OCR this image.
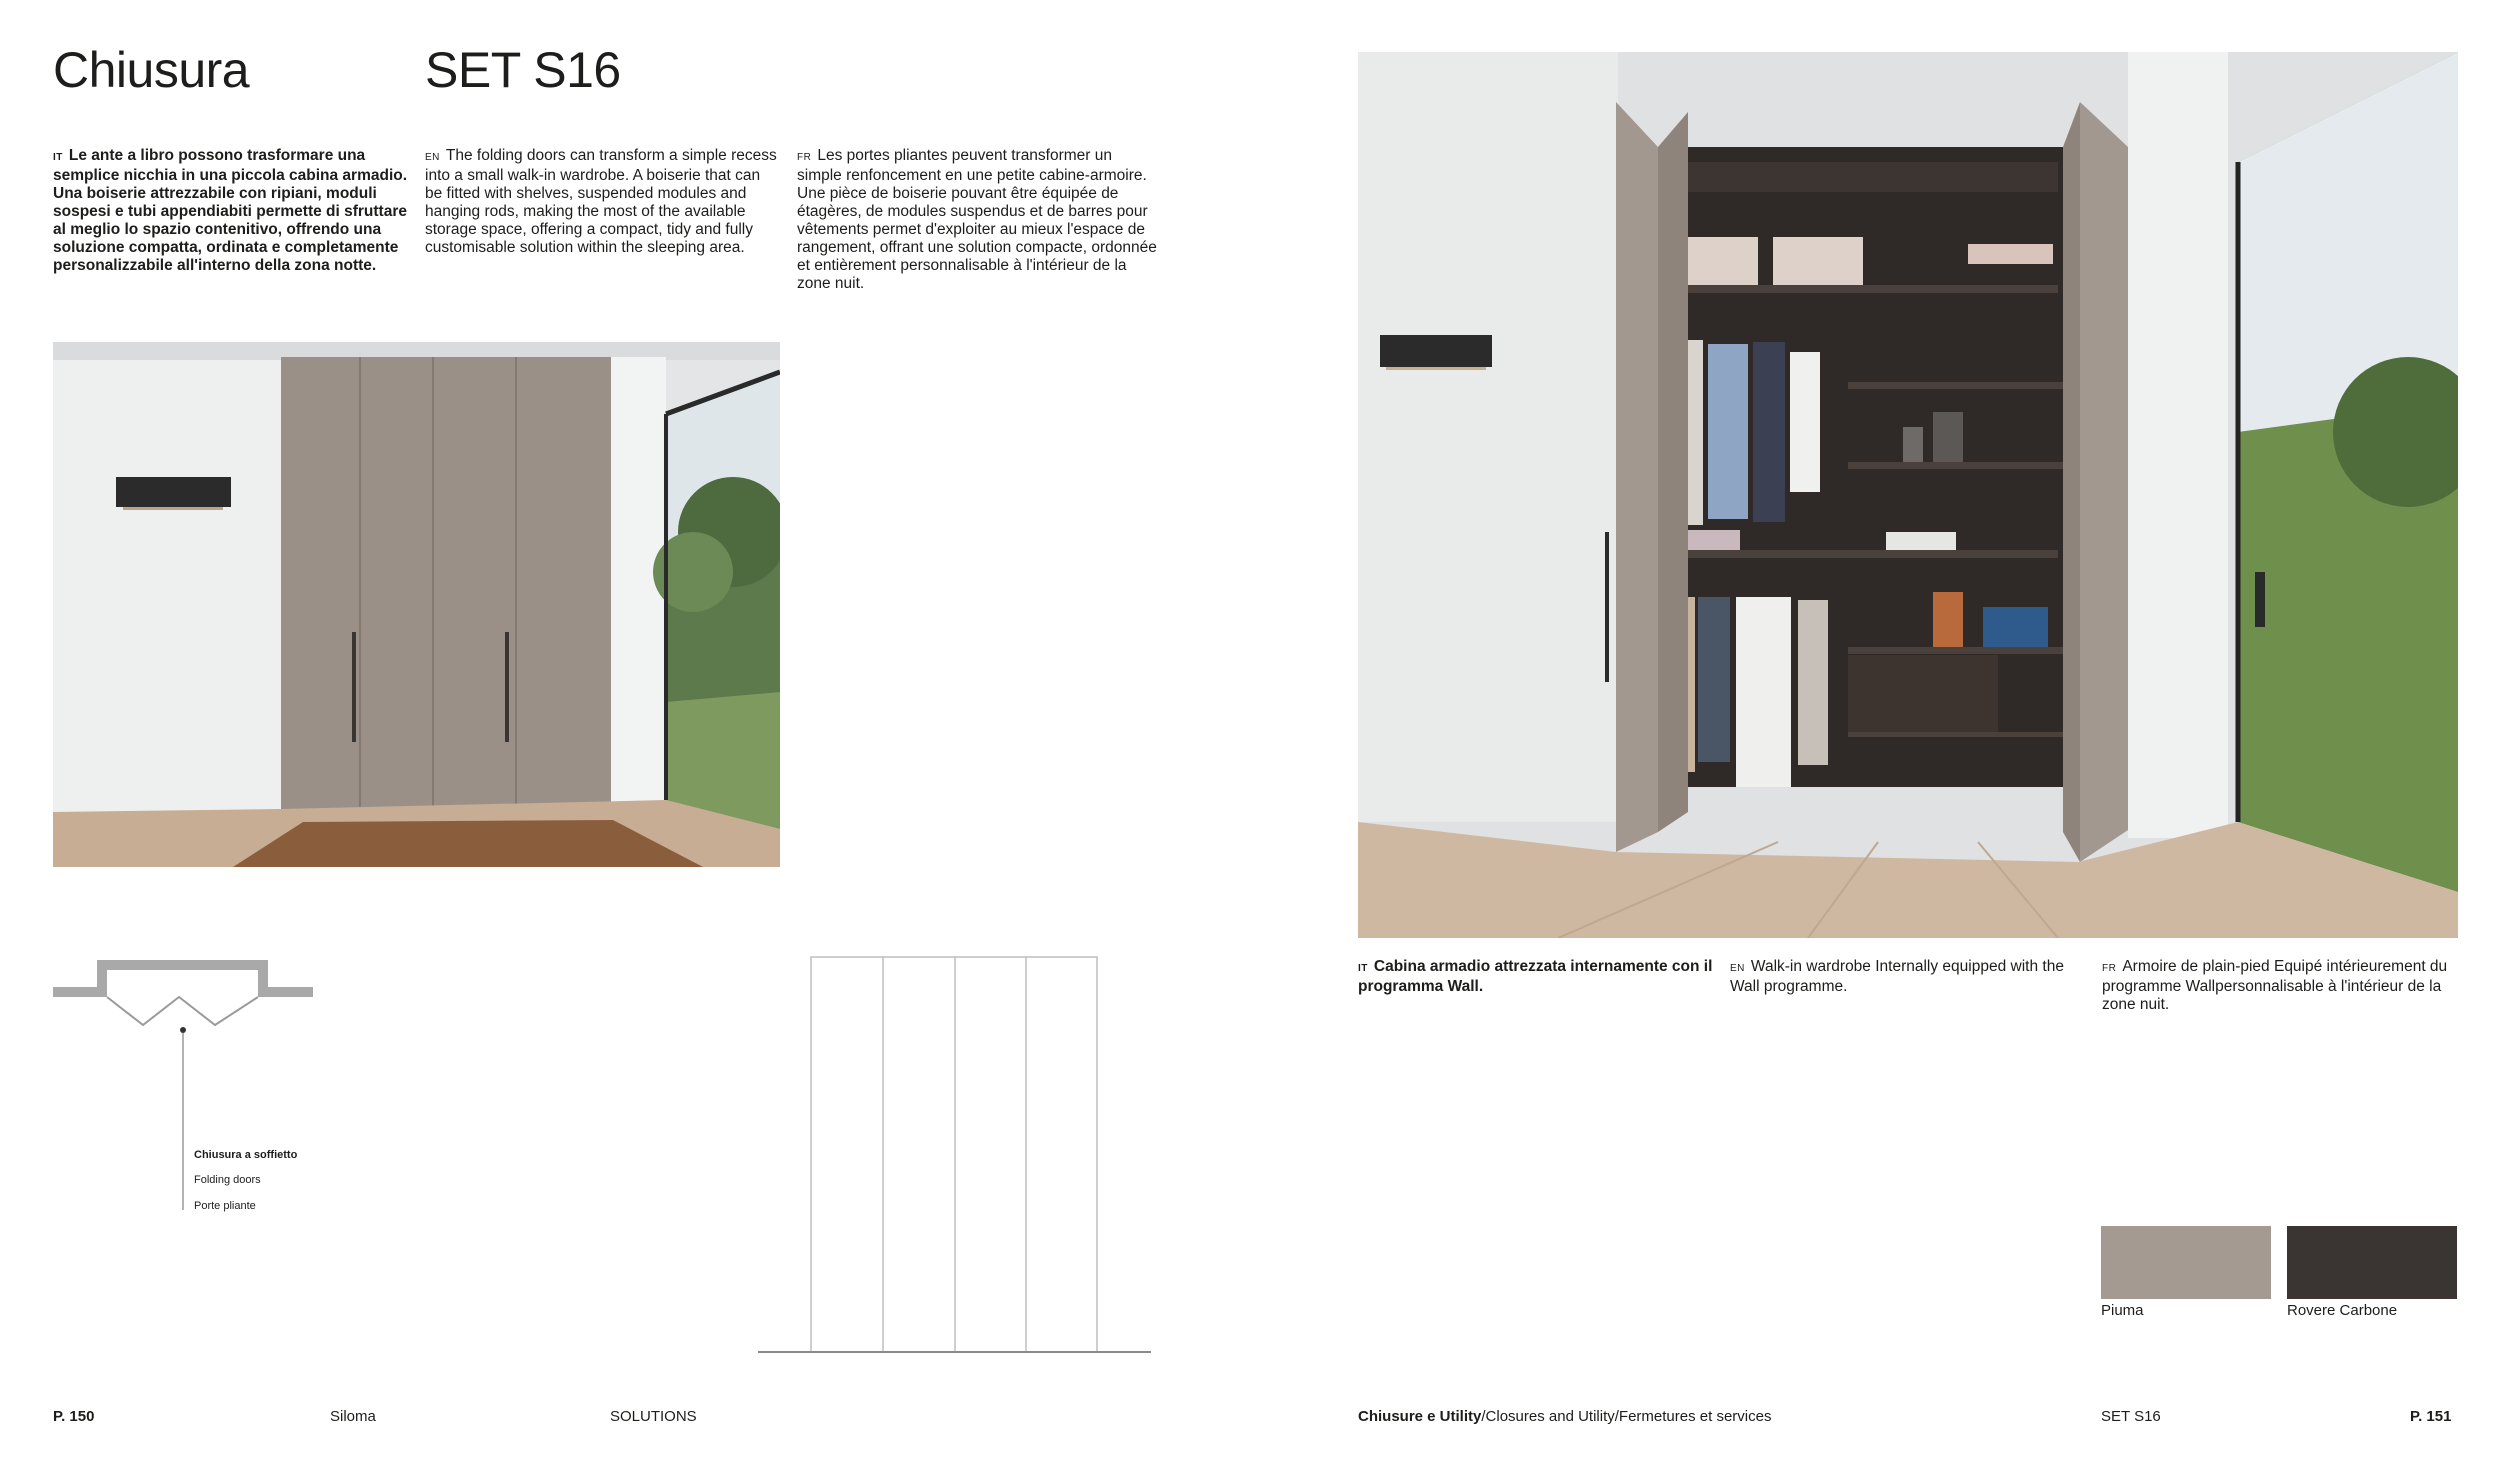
Chiusura	SET S16
IT Le ante a libro possono trasformare una semplice nicchia in una piccola cabina armadio. Una boiserie attrezzabile con ripiani, moduli sospesi e tubi appendiabiti permette di sfruttare al meglio lo spazio contenitivo, offrendo una soluzione compatta, ordinata e completamente personalizzabile all'interno della zona notte.
EN The folding doors can transform a simple recess into a small walk-in wardrobe. A boiserie that can be fitted with shelves, suspended modules and hanging rods, making the most of the available storage space, offering a compact, tidy and fully customisable solution within the sleeping area.
FR Les portes pliantes peuvent transformer un simple renfoncement en une petite cabine-armoire. Une pièce de boiserie pouvant être équipée de étagères, de modules suspendus et de barres pour vêtements permet d'exploiter au mieux l'espace de rangement, offrant une solution compacte, ordonnée et entièrement personnalisable à l'intérieur de la zone nuit.
Chiusura a soffietto
Folding doors
Porte pliante
IT Cabina armadio attrezzata internamente con il programma Wall.
EN Walk-in wardrobe Internally equipped with the Wall programme.
FR Armoire de plain-pied Equipé intérieurement du programme Wallpersonnalisable à l'intérieur de la zone nuit.
Piuma	Rovere Carbone
P. 150	Siloma	SOLUTIONS	Chiusure e Utility/Closures and Utility/Fermetures et services	SET S16	P. 151
